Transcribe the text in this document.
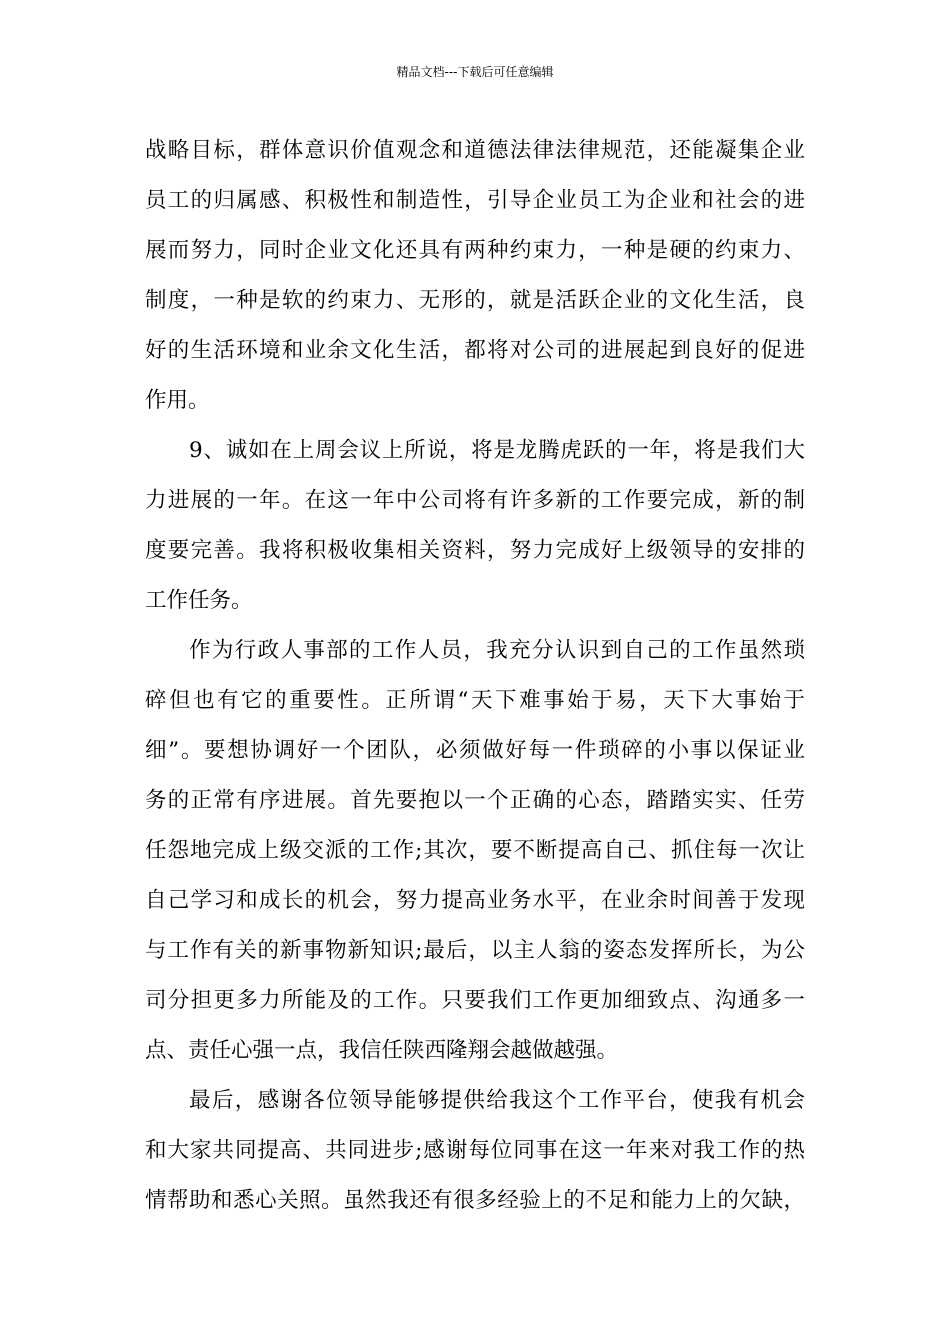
精品文档---下载后可任意编辑
战略目标，群体意识价值观念和道德法律法律规范，还能凝集企业
员工的归属感、积极性和制造性，引导企业员工为企业和社会的进
展而努力，同时企业文化还具有两种约束力，一种是硬的约束力、
制度，一种是软的约束力、无形的，就是活跃企业的文化生活，良
好的生活环境和业余文化生活，都将对公司的进展起到良好的促进
作用。
9、诚如在上周会议上所说，将是龙腾虎跃的一年，将是我们大
力进展的一年。在这一年中公司将有许多新的工作要完成，新的制
度要完善。我将积极收集相关资料，努力完成好上级领导的安排的
工作任务。
作为行政人事部的工作人员，我充分认识到自己的工作虽然琐
碎但也有它的重要性。正所谓“天下难事始于易，天下大事始于
细”。要想协调好一个团队，必须做好每一件琐碎的小事以保证业
务的正常有序进展。首先要抱以一个正确的心态，踏踏实实、任劳
任怨地完成上级交派的工作;其次，要不断提高自己、抓住每一次让
自己学习和成长的机会，努力提高业务水平，在业余时间善于发现
与工作有关的新事物新知识;最后，以主人翁的姿态发挥所长，为公
司分担更多力所能及的工作。只要我们工作更加细致点、沟通多一
点、责任心强一点，我信任陕西隆翔会越做越强。
最后，感谢各位领导能够提供给我这个工作平台，使我有机会
和大家共同提高、共同进步;感谢每位同事在这一年来对我工作的热
情帮助和悉心关照。虽然我还有很多经验上的不足和能力上的欠缺，
